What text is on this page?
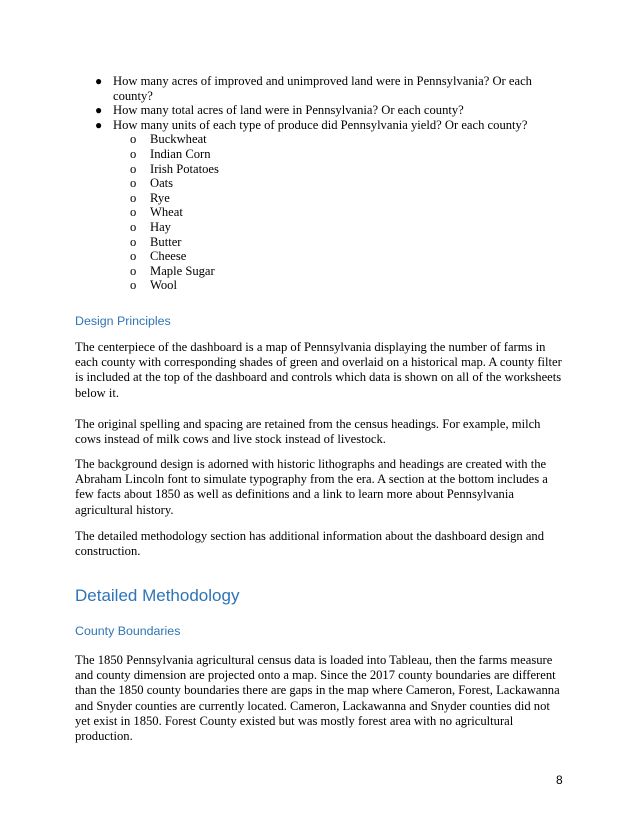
● How many acres of improved and unimproved land were in Pennsylvania? Or each county?
● How many total acres of land were in Pennsylvania? Or each county?
● How many units of each type of produce did Pennsylvania yield? Or each county?
o Buckwheat
o Indian Corn
o Irish Potatoes
o Oats
o Rye
o Wheat
o Hay
o Butter
o Cheese
o Maple Sugar
o Wool
Design Principles

The centerpiece of the dashboard is a map of Pennsylvania displaying the number of farms in each county with corresponding shades of green and overlaid on a historical map. A county filter is included at the top of the dashboard and controls which data is shown on all of the worksheets below it.

The original spelling and spacing are retained from the census headings. For example, milch cows instead of milk cows and live stock instead of livestock.

The background design is adorned with historic lithographs and headings are created with the Abraham Lincoln font to simulate typography from the era. A section at the bottom includes a few facts about 1850 as well as definitions and a link to learn more about Pennsylvania agricultural history.

The detailed methodology section has additional information about the dashboard design and construction.

Detailed Methodology
County Boundaries

The 1850 Pennsylvania agricultural census data is loaded into Tableau, then the farms measure and county dimension are projected onto a map. Since the 2017 county boundaries are different than the 1850 county boundaries there are gaps in the map where Cameron, Forest, Lackawanna and Snyder counties are currently located. Cameron, Lackawanna and Snyder counties did not yet exist in 1850. Forest County existed but was mostly forest area with no agricultural production.

8
